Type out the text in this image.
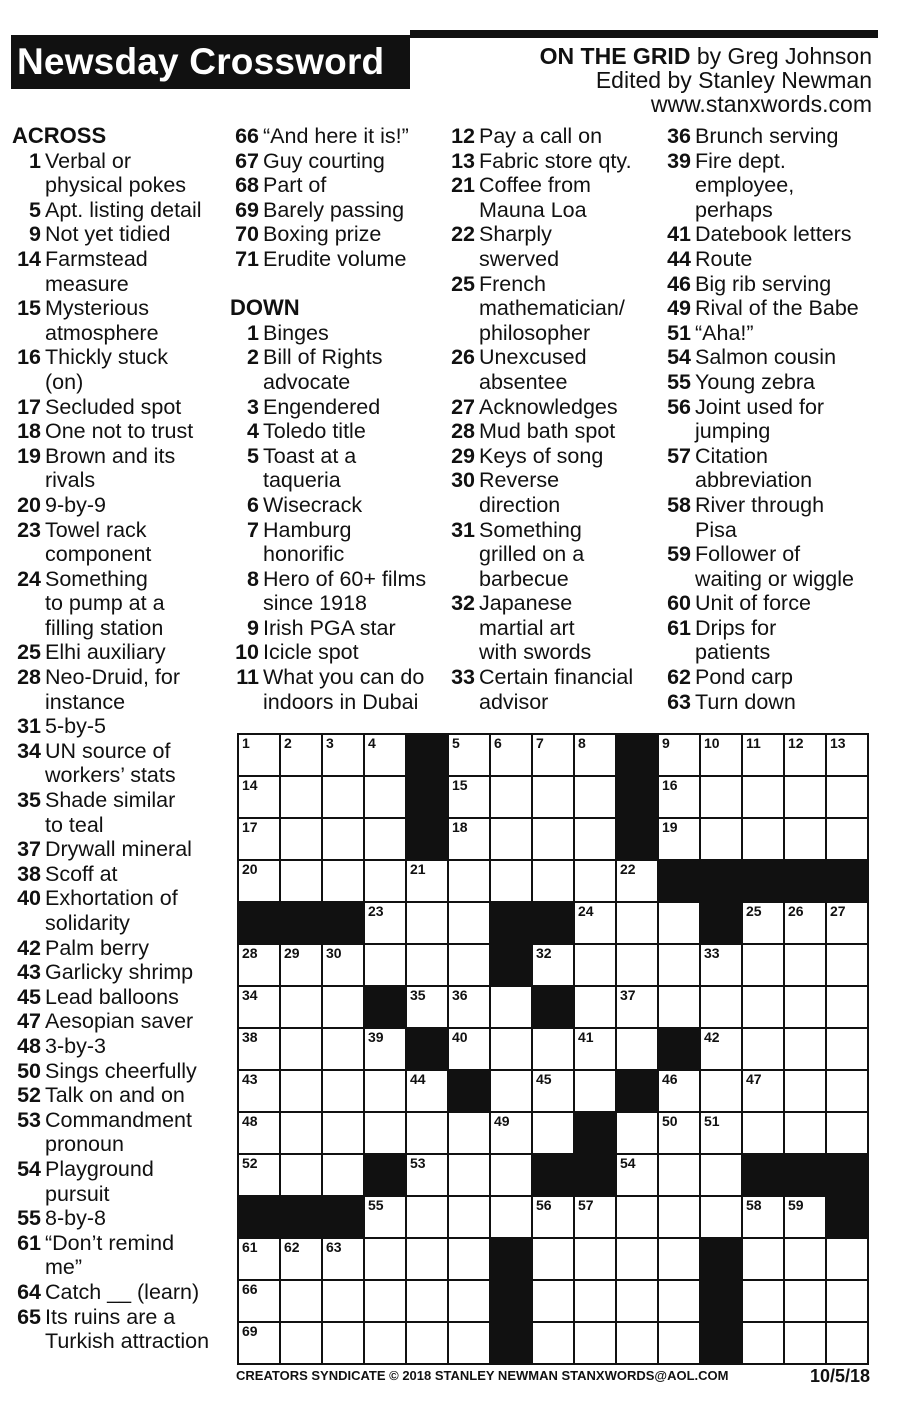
Newsday Crossword	ON THE GRID by Greg Johnson
Edited by Stanley Newman
www.stanxwords.com
ACROSS
1 Verbal or
physical pokes
5 Apt. listing detail
9 Not yet tidied
14 Farmstead
measure
15 Mysterious
atmosphere
16 Thickly stuck
(on)
17 Secluded spot
18 One not to trust
19 Brown and its
rivals
20 9-by-9
23 Towel rack
component
24 Something
to pump at a
filling station
25 Elhi auxiliary
28 Neo-Druid, for
instance
31 5-by-5
34 UN source of
workers’ stats
35 Shade similar
to teal
37 Drywall mineral
38 Scoff at
40 Exhortation of
solidarity
42 Palm berry
43 Garlicky shrimp
45 Lead balloons
47 Aesopian saver
48 3-by-3
50 Sings cheerfully
52 Talk on and on
53 Commandment
pronoun
54 Playground
pursuit
55 8-by-8
61 “Don’t remind
me”
64 Catch __ (learn)
65 Its ruins are a
Turkish attraction
66 “And here it is!”
67 Guy courting
68 Part of
69 Barely passing
70 Boxing prize
71 Erudite volume
DOWN
1 Binges
2 Bill of Rights
advocate
3 Engendered
4 Toledo title
5 Toast at a
taqueria
6 Wisecrack
7 Hamburg
honorific
8 Hero of 60+ films
since 1918
9 Irish PGA star
10 Icicle spot
11 What you can do
indoors in Dubai
12 Pay a call on
13 Fabric store qty.
21 Coffee from
Mauna Loa
22 Sharply
swerved
25 French
mathematician/
philosopher
26 Unexcused
absentee
27 Acknowledges
28 Mud bath spot
29 Keys of song
30 Reverse
direction
31 Something
grilled on a
barbecue
32 Japanese
martial art
with swords
33 Certain financial
advisor
36 Brunch serving
39 Fire dept.
employee,
perhaps
41 Datebook letters
44 Route
46 Big rib serving
49 Rival of the Babe
51 “Aha!”
54 Salmon cousin
55 Young zebra
56 Joint used for
jumping
57 Citation
abbreviation
58 River through
Pisa
59 Follower of
waiting or wiggle
60 Unit of force
61 Drips for
patients
62 Pond carp
63 Turn down
1 2 3 4	5 6 7 8	9 10 11 12 13
14	15	16
17	18	19
20	21	22
23	24	25 26 27
28 29 30	32	33
34	35 36	37
38	39	40	41	42
43	44	45	46	47
48	49	50 51
52	53	54
55	56 57	58 59
61 62 63
66
69
CREATORS SYNDICATE © 2018 STANLEY NEWMAN STANXWORDS@AOL.COM	10/5/18
